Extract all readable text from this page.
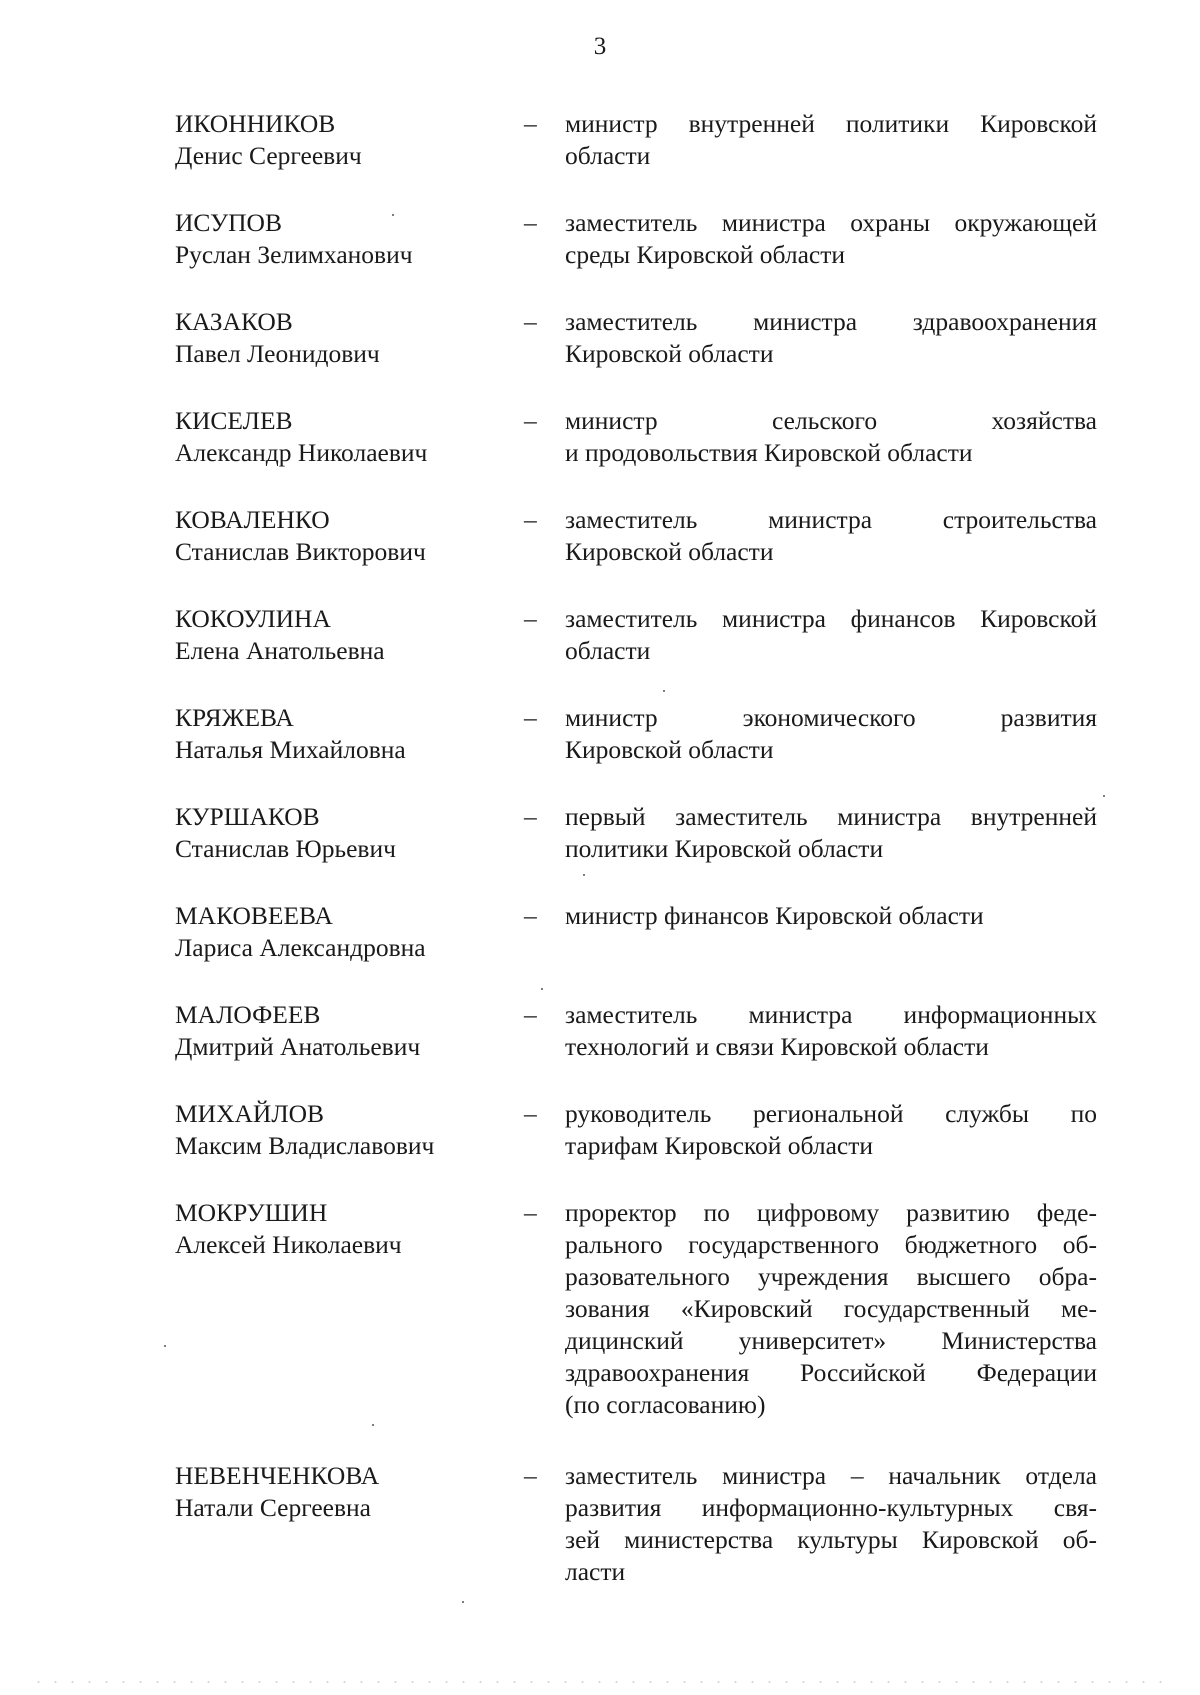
3
ИКОННИКОВ
Денис Сергеевич
– министр внутренней политики Кировской
области
ИСУПОВ
Руслан Зелимханович
– заместитель министра охраны окружающей
среды Кировской области
КАЗАКОВ
Павел Леонидович
– заместитель министра здравоохранения
Кировской области
КИСЕЛЕВ
Александр Николаевич
– министр сельского хозяйства
и продовольствия Кировской области
КОВАЛЕНКО
Станислав Викторович
– заместитель министра строительства
Кировской области
КОКОУЛИНА
Елена Анатольевна
– заместитель министра финансов Кировской
области
КРЯЖЕВА
Наталья Михайловна
– министр экономического развития
Кировской области
КУРШАКОВ
Станислав Юрьевич
– первый заместитель министра внутренней
политики Кировской области
МАКОВЕЕВА
Лариса Александровна
– министр финансов Кировской области
МАЛОФЕЕВ
Дмитрий Анатольевич
– заместитель министра информационных
технологий и связи Кировской области
МИХАЙЛОВ
Максим Владиславович
– руководитель региональной службы по
тарифам Кировской области
МОКРУШИН
Алексей Николаевич
– проректор по цифровому развитию феде-
рального государственного бюджетного об-
разовательного учреждения высшего обра-
зования «Кировский государственный ме-
дицинский университет» Министерства
здравоохранения Российской Федерации
(по согласованию)
НЕВЕНЧЕНКОВА
Натали Сергеевна
– заместитель министра – начальник отдела
развития информационно-культурных свя-
зей министерства культуры Кировской об-
ласти
